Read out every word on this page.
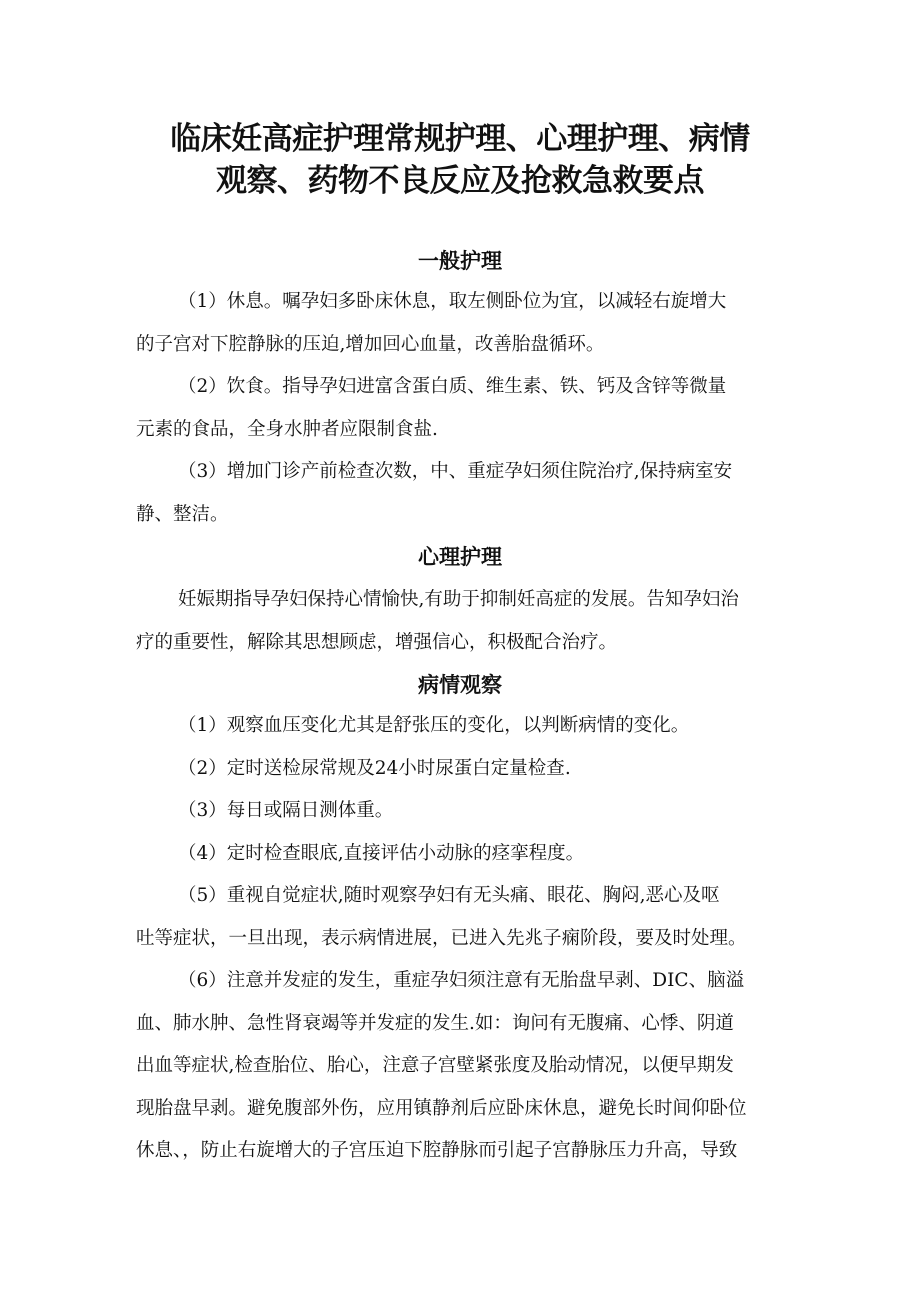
临床妊高症护理常规护理、心理护理、病情
观察、药物不良反应及抢救急救要点
一般护理

（1）休息。嘱孕妇多卧床休息，取左侧卧位为宜，以减轻右旋增大
的子宫对下腔静脉的压迫,增加回心血量，改善胎盘循环。

（2）饮食。指导孕妇进富含蛋白质、维生素、铁、钙及含锌等微量
元素的食品，全身水肿者应限制食盐.

（3）增加门诊产前检查次数，中、重症孕妇须住院治疗,保持病室安
静、整洁。

心理护理

妊娠期指导孕妇保持心情愉快,有助于抑制妊高症的发展。告知孕妇治
疗的重要性，解除其思想顾虑，增强信心，积极配合治疗。

病情观察

（1）观察血压变化尤其是舒张压的变化，以判断病情的变化。

（2）定时送检尿常规及24小时尿蛋白定量检查.

（3）每日或隔日测体重。

（4）定时检查眼底,直接评估小动脉的痉挛程度。

（5）重视自觉症状,随时观察孕妇有无头痛、眼花、胸闷,恶心及呕
吐等症状，一旦出现，表示病情进展，已进入先兆子痫阶段，要及时处理。

（6）注意并发症的发生，重症孕妇须注意有无胎盘早剥、DIC、脑溢
血、肺水肿、急性肾衰竭等并发症的发生.如：询问有无腹痛、心悸、阴道
出血等症状,检查胎位、胎心，注意子宫壁紧张度及胎动情况，以便早期发
现胎盘早剥。避免腹部外伤，应用镇静剂后应卧床休息，避免长时间仰卧位
休息、，防止右旋增大的子宫压迫下腔静脉而引起子宫静脉压力升高，导致
